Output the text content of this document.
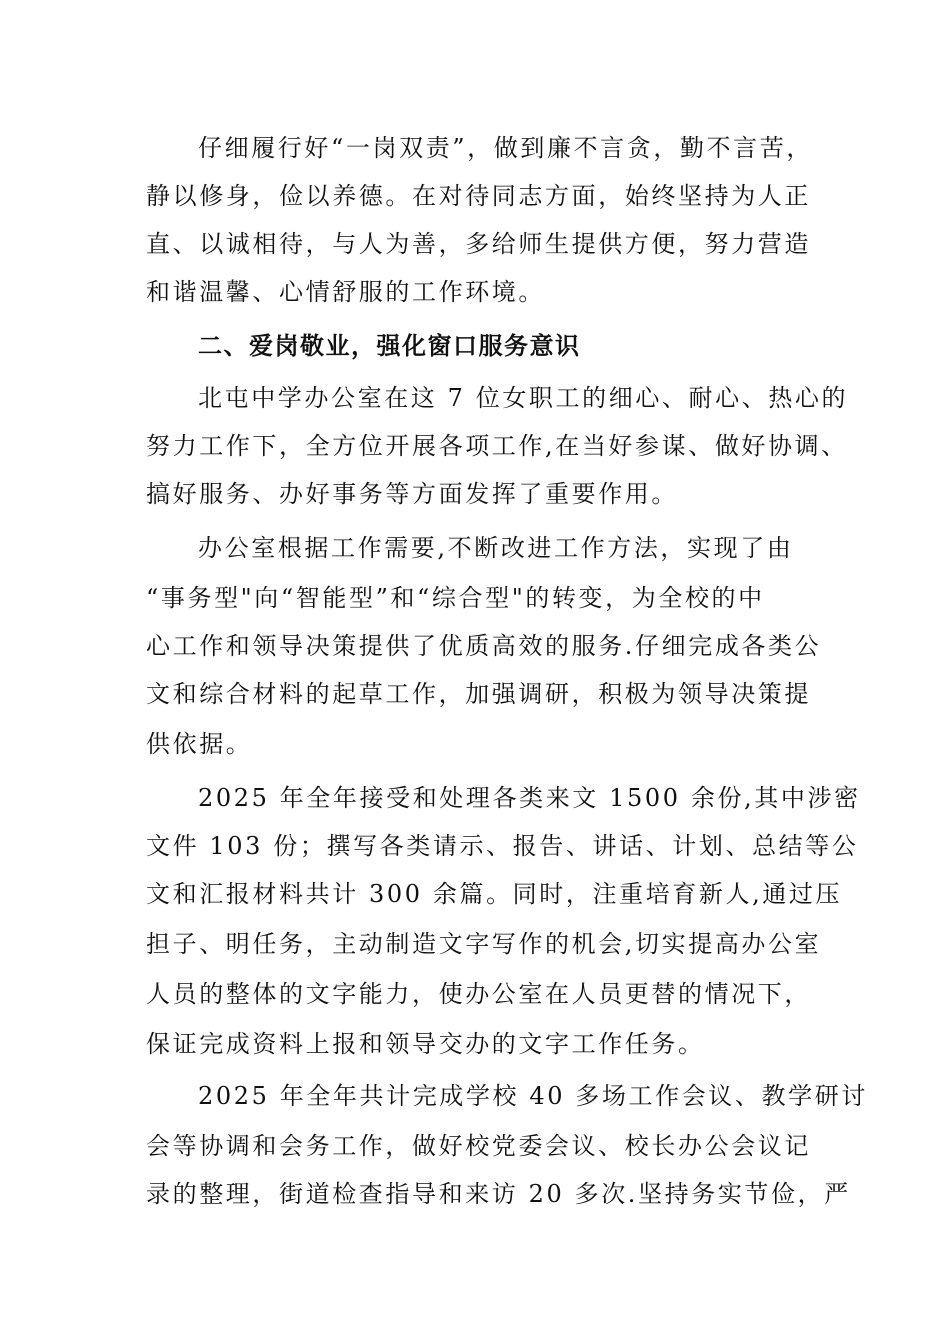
仔细履行好“一岗双责”，做到廉不言贪，勤不言苦，
静以修身，俭以养德。在对待同志方面，始终坚持为人正
直、以诚相待，与人为善，多给师生提供方便，努力营造
和谐温馨、心情舒服的工作环境。
二、爱岗敬业，强化窗口服务意识
北屯中学办公室在这 7 位女职工的细心、耐心、热心的
努力工作下，全方位开展各项工作,在当好参谋、做好协调、
搞好服务、办好事务等方面发挥了重要作用。
办公室根据工作需要,不断改进工作方法，实现了由
“事务型"向“智能型”和“综合型"的转变，为全校的中
心工作和领导决策提供了优质高效的服务.仔细完成各类公
文和综合材料的起草工作，加强调研，积极为领导决策提
供依据。
2025 年全年接受和处理各类来文 1500 余份,其中涉密
文件 103 份；撰写各类请示、报告、讲话、计划、总结等公
文和汇报材料共计 300 余篇。同时，注重培育新人,通过压
担子、明任务，主动制造文字写作的机会,切实提高办公室
人员的整体的文字能力，使办公室在人员更替的情况下，
保证完成资料上报和领导交办的文字工作任务。
2025 年全年共计完成学校 40 多场工作会议、教学研讨
会等协调和会务工作，做好校党委会议、校长办公会议记
录的整理，街道检查指导和来访 20 多次.坚持务实节俭，严
